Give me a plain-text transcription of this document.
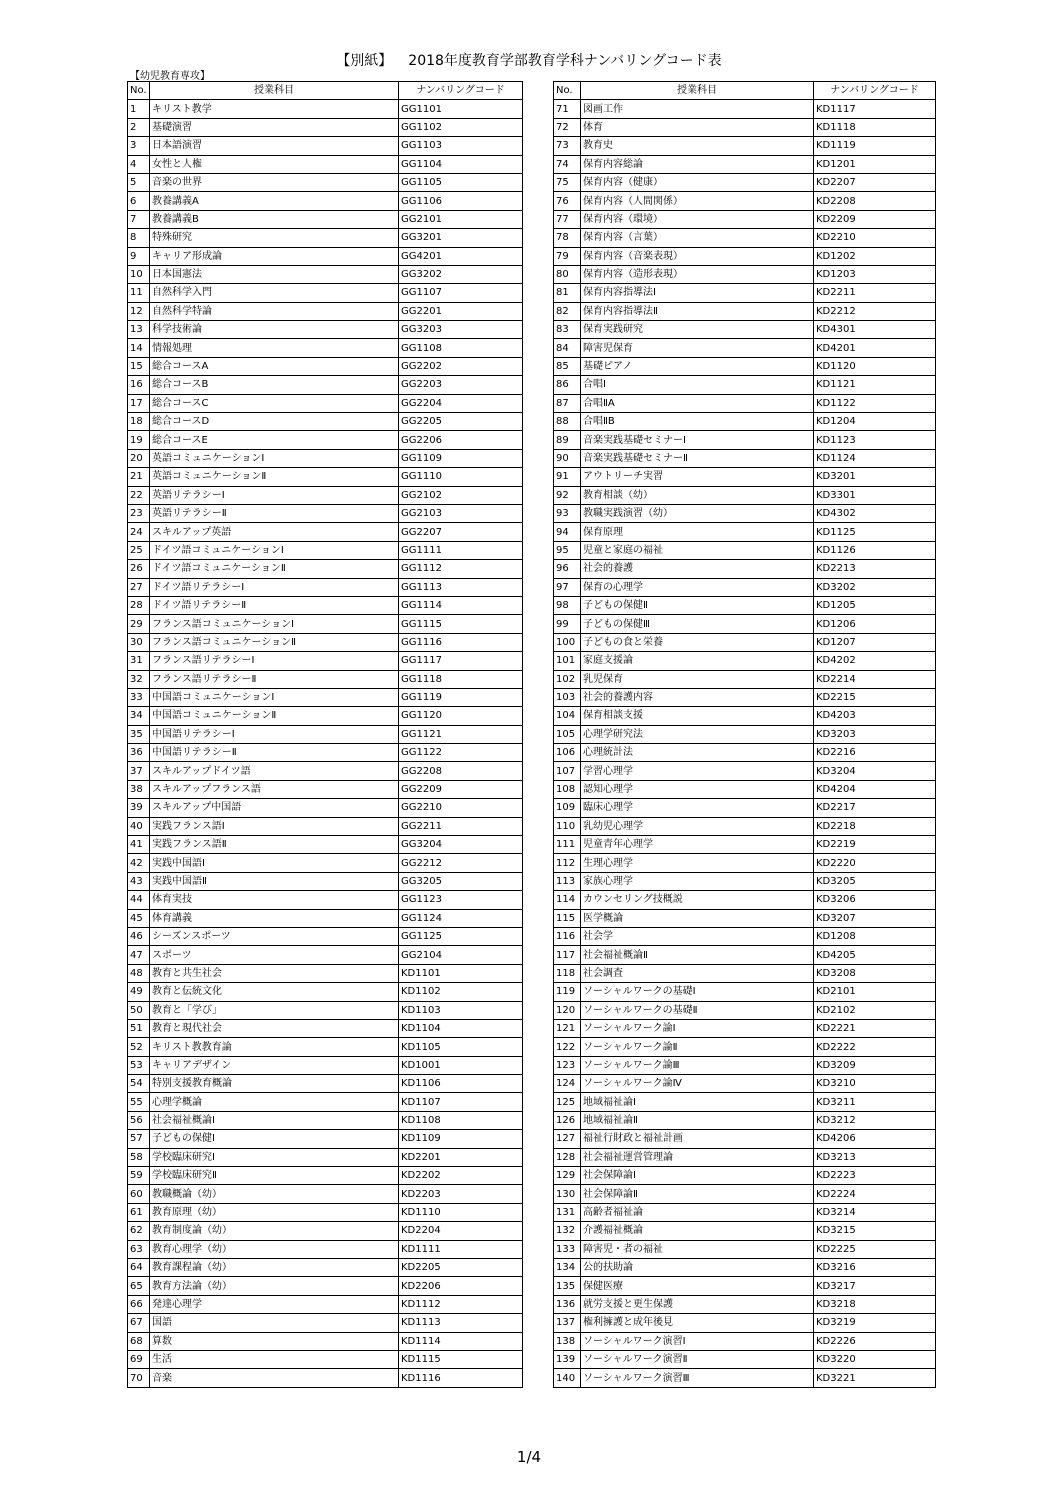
【別紙】 2018年度教育学部教育学科ナンバリングコード表
【幼児教育専攻】
No.	授業科目	ナンバリングコード
1	キリスト教学	GG1101
2	基礎演習	GG1102
3	日本語演習	GG1103
4	女性と人権	GG1104
5	音楽の世界	GG1105
6	教養講義A	GG1106
7	教養講義B	GG2101
8	特殊研究	GG3201
9	キャリア形成論	GG4201
10	日本国憲法	GG3202
11	自然科学入門	GG1107
12	自然科学特論	GG2201
13	科学技術論	GG3203
14	情報処理	GG1108
15	総合コースA	GG2202
16	総合コースB	GG2203
17	総合コースC	GG2204
18	総合コースD	GG2205
19	総合コースE	GG2206
20	英語コミュニケーションⅠ	GG1109
21	英語コミュニケーションⅡ	GG1110
22	英語リテラシーⅠ	GG2102
23	英語リテラシーⅡ	GG2103
24	スキルアップ英語	GG2207
25	ドイツ語コミュニケーションⅠ	GG1111
26	ドイツ語コミュニケーションⅡ	GG1112
27	ドイツ語リテラシーⅠ	GG1113
28	ドイツ語リテラシーⅡ	GG1114
29	フランス語コミュニケーションⅠ	GG1115
30	フランス語コミュニケーションⅡ	GG1116
31	フランス語リテラシーⅠ	GG1117
32	フランス語リテラシーⅡ	GG1118
33	中国語コミュニケーションⅠ	GG1119
34	中国語コミュニケーションⅡ	GG1120
35	中国語リテラシーⅠ	GG1121
36	中国語リテラシーⅡ	GG1122
37	スキルアップドイツ語	GG2208
38	スキルアップフランス語	GG2209
39	スキルアップ中国語	GG2210
40	実践フランス語Ⅰ	GG2211
41	実践フランス語Ⅱ	GG3204
42	実践中国語Ⅰ	GG2212
43	実践中国語Ⅱ	GG3205
44	体育実技	GG1123
45	体育講義	GG1124
46	シーズンスポーツ	GG1125
47	スポーツ	GG2104
48	教育と共生社会	KD1101
49	教育と伝統文化	KD1102
50	教育と「学び」	KD1103
51	教育と現代社会	KD1104
52	キリスト教教育論	KD1105
53	キャリアデザイン	KD1001
54	特別支援教育概論	KD1106
55	心理学概論	KD1107
56	社会福祉概論Ⅰ	KD1108
57	子どもの保健Ⅰ	KD1109
58	学校臨床研究Ⅰ	KD2201
59	学校臨床研究Ⅱ	KD2202
60	教職概論（幼）	KD2203
61	教育原理（幼）	KD1110
62	教育制度論（幼）	KD2204
63	教育心理学（幼）	KD1111
64	教育課程論（幼）	KD2205
65	教育方法論（幼）	KD2206
66	発達心理学	KD1112
67	国語	KD1113
68	算数	KD1114
69	生活	KD1115
70	音楽	KD1116
No.	授業科目	ナンバリングコード
71	図画工作	KD1117
72	体育	KD1118
73	教育史	KD1119
74	保育内容総論	KD1201
75	保育内容（健康）	KD2207
76	保育内容（人間関係）	KD2208
77	保育内容（環境）	KD2209
78	保育内容（言葉）	KD2210
79	保育内容（音楽表現）	KD1202
80	保育内容（造形表現）	KD1203
81	保育内容指導法Ⅰ	KD2211
82	保育内容指導法Ⅱ	KD2212
83	保育実践研究	KD4301
84	障害児保育	KD4201
85	基礎ピアノ	KD1120
86	合唱Ⅰ	KD1121
87	合唱ⅡA	KD1122
88	合唱ⅡB	KD1204
89	音楽実践基礎セミナーⅠ	KD1123
90	音楽実践基礎セミナーⅡ	KD1124
91	アウトリーチ実習	KD3201
92	教育相談（幼）	KD3301
93	教職実践演習（幼）	KD4302
94	保育原理	KD1125
95	児童と家庭の福祉	KD1126
96	社会的養護	KD2213
97	保育の心理学	KD3202
98	子どもの保健Ⅱ	KD1205
99	子どもの保健Ⅲ	KD1206
100	子どもの食と栄養	KD1207
101	家庭支援論	KD4202
102	乳児保育	KD2214
103	社会的養護内容	KD2215
104	保育相談支援	KD4203
105	心理学研究法	KD3203
106	心理統計法	KD2216
107	学習心理学	KD3204
108	認知心理学	KD4204
109	臨床心理学	KD2217
110	乳幼児心理学	KD2218
111	児童青年心理学	KD2219
112	生理心理学	KD2220
113	家族心理学	KD3205
114	カウンセリング技概説	KD3206
115	医学概論	KD3207
116	社会学	KD1208
117	社会福祉概論Ⅱ	KD4205
118	社会調査	KD3208
119	ソーシャルワークの基礎Ⅰ	KD2101
120	ソーシャルワークの基礎Ⅱ	KD2102
121	ソーシャルワーク論Ⅰ	KD2221
122	ソーシャルワーク論Ⅱ	KD2222
123	ソーシャルワーク論Ⅲ	KD3209
124	ソーシャルワーク論Ⅳ	KD3210
125	地域福祉論Ⅰ	KD3211
126	地域福祉論Ⅱ	KD3212
127	福祉行財政と福祉計画	KD4206
128	社会福祉運営管理論	KD3213
129	社会保障論Ⅰ	KD2223
130	社会保障論Ⅱ	KD2224
131	高齢者福祉論	KD3214
132	介護福祉概論	KD3215
133	障害児・者の福祉	KD2225
134	公的扶助論	KD3216
135	保健医療	KD3217
136	就労支援と更生保護	KD3218
137	権利擁護と成年後見	KD3219
138	ソーシャルワーク演習Ⅰ	KD2226
139	ソーシャルワーク演習Ⅱ	KD3220
140	ソーシャルワーク演習Ⅲ	KD3221
1/4
